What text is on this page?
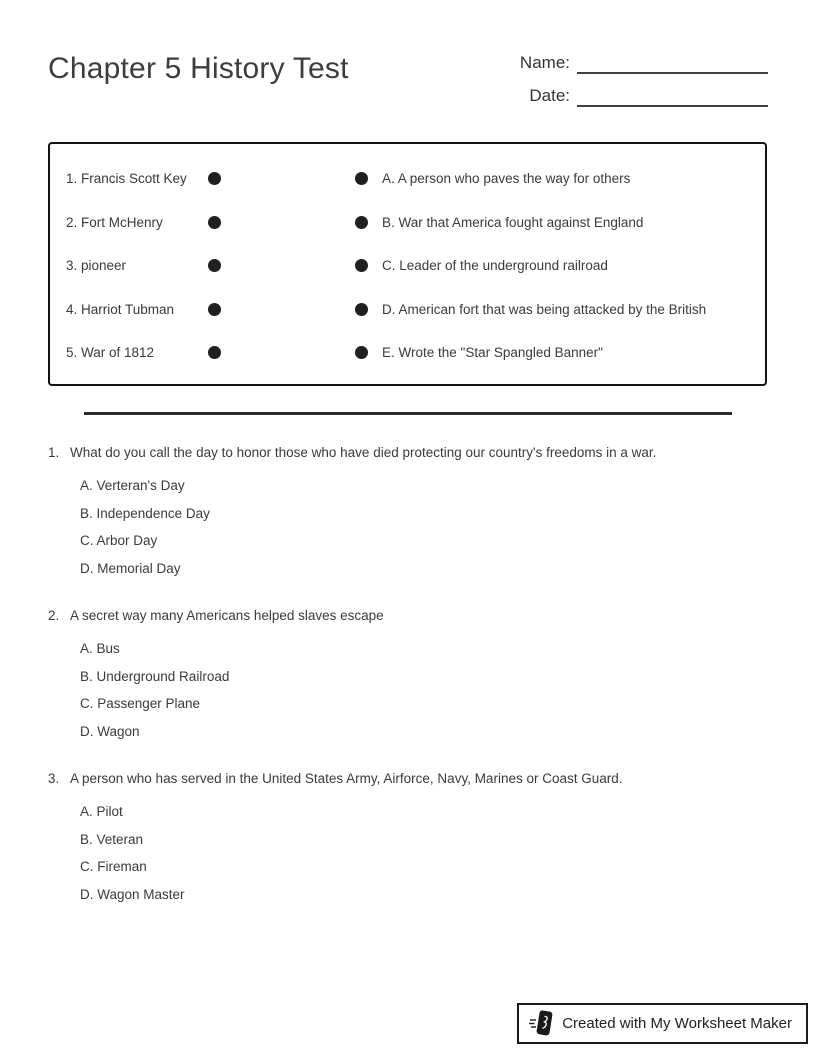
Chapter 5 History Test	Name:
Date:
1. Francis Scott Key	A. A person who paves the way for others
2. Fort McHenry	B. War that America fought against England
3. pioneer	C. Leader of the underground railroad
4. Harriot Tubman	D. American fort that was being attacked by the British
5. War of 1812	E. Wrote the "Star Spangled Banner"
1. What do you call the day to honor those who have died protecting our country's freedoms in a war.
A. Verteran's Day
B. Independence Day
C. Arbor Day
D. Memorial Day
2. A secret way many Americans helped slaves escape
A. Bus
B. Underground Railroad
C. Passenger Plane
D. Wagon
3. A person who has served in the United States Army, Airforce, Navy, Marines or Coast Guard.
A. Pilot
B. Veteran
C. Fireman
D. Wagon Master
Created with My Worksheet Maker
